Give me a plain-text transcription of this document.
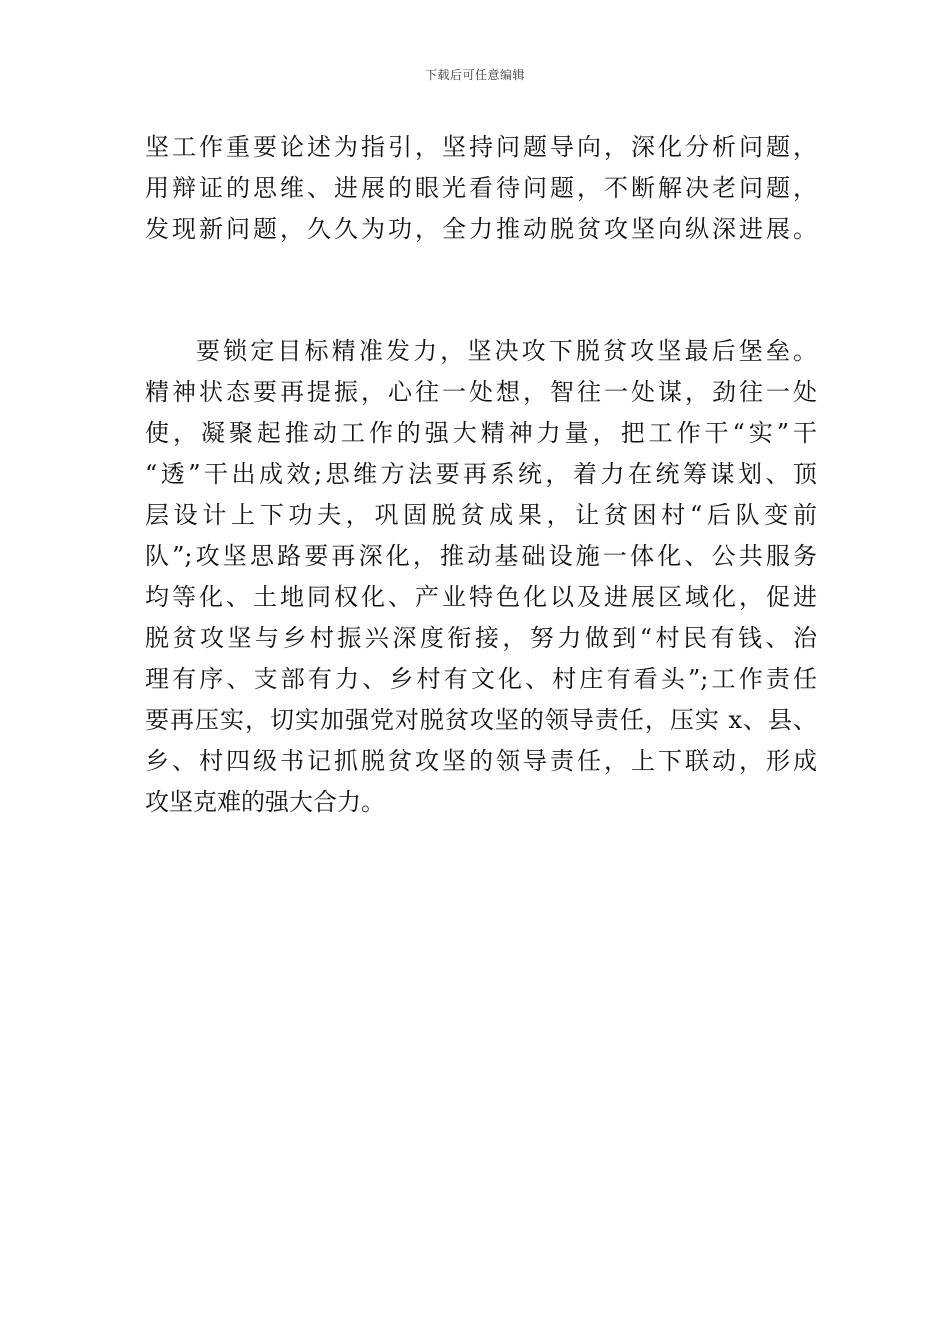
下载后可任意编辑
坚工作重要论述为指引，坚持问题导向，深化分析问题，
用辩证的思维、进展的眼光看待问题，不断解决老问题，
发现新问题，久久为功，全力推动脱贫攻坚向纵深进展。
要锁定目标精准发力，坚决攻下脱贫攻坚最后堡垒。
精神状态要再提振，心往一处想，智往一处谋，劲往一处
使，凝聚起推动工作的强大精神力量，把工作干“实”干
“透”干出成效;思维方法要再系统，着力在统筹谋划、顶
层设计上下功夫，巩固脱贫成果，让贫困村“后队变前
队”;攻坚思路要再深化，推动基础设施一体化、公共服务
均等化、土地同权化、产业特色化以及进展区域化，促进
脱贫攻坚与乡村振兴深度衔接，努力做到“村民有钱、治
理有序、支部有力、乡村有文化、村庄有看头”;工作责任
要再压实，切实加强党对脱贫攻坚的领导责任，压实 x、县、
乡、村四级书记抓脱贫攻坚的领导责任，上下联动，形成
攻坚克难的强大合力。
